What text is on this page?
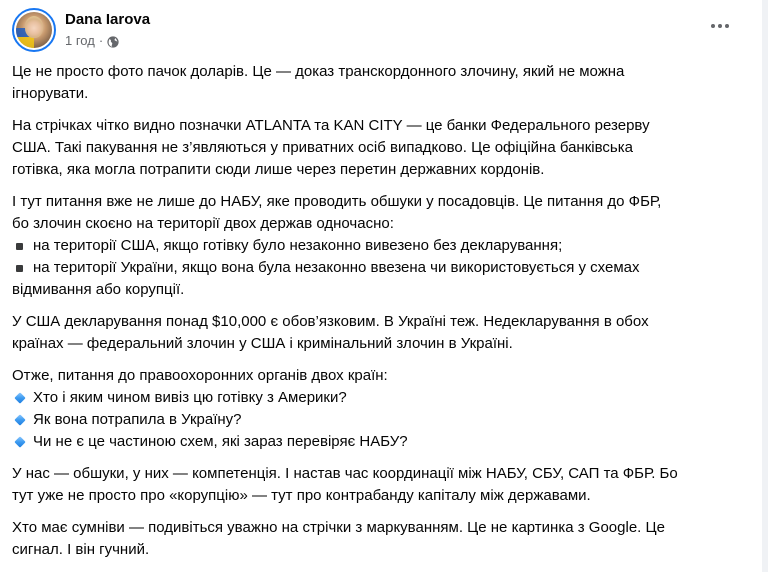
Dana Iarova
1 год ·
Це не просто фото пачок доларів. Це — доказ транскордонного злочину, який не можна
ігнорувати.
На стрічках чітко видно позначки ATLANTA та KAN CITY — це банки Федерального резерву
США. Такі пакування не з’являються у приватних осіб випадково. Це офіційна банківська
готівка, яка могла потрапити сюди лише через перетин державних кордонів.
І тут питання вже не лише до НАБУ, яке проводить обшуки у посадовців. Це питання до ФБР,
бо злочин скоєно на території двох держав одночасно:
на території США, якщо готівку було незаконно вивезено без декларування;
на території України, якщо вона була незаконно ввезена чи використовується у схемах
відмивання або корупції.
У США декларування понад $10,000 є обов’язковим. В Україні теж. Недекларування в обох
країнах — федеральний злочин у США і кримінальний злочин в Україні.
Отже, питання до правоохоронних органів двох країн:
Хто і яким чином вивіз цю готівку з Америки?
Як вона потрапила в Україну?
Чи не є це частиною схем, які зараз перевіряє НАБУ?
У нас — обшуки, у них — компетенція. І настав час координації між НАБУ, СБУ, САП та ФБР. Бо
тут уже не просто про «корупцію» — тут про контрабанду капіталу між державами.
Хто має сумніви — подивіться уважно на стрічки з маркуванням. Це не картинка з Google. Це
сигнал. І він гучний.
